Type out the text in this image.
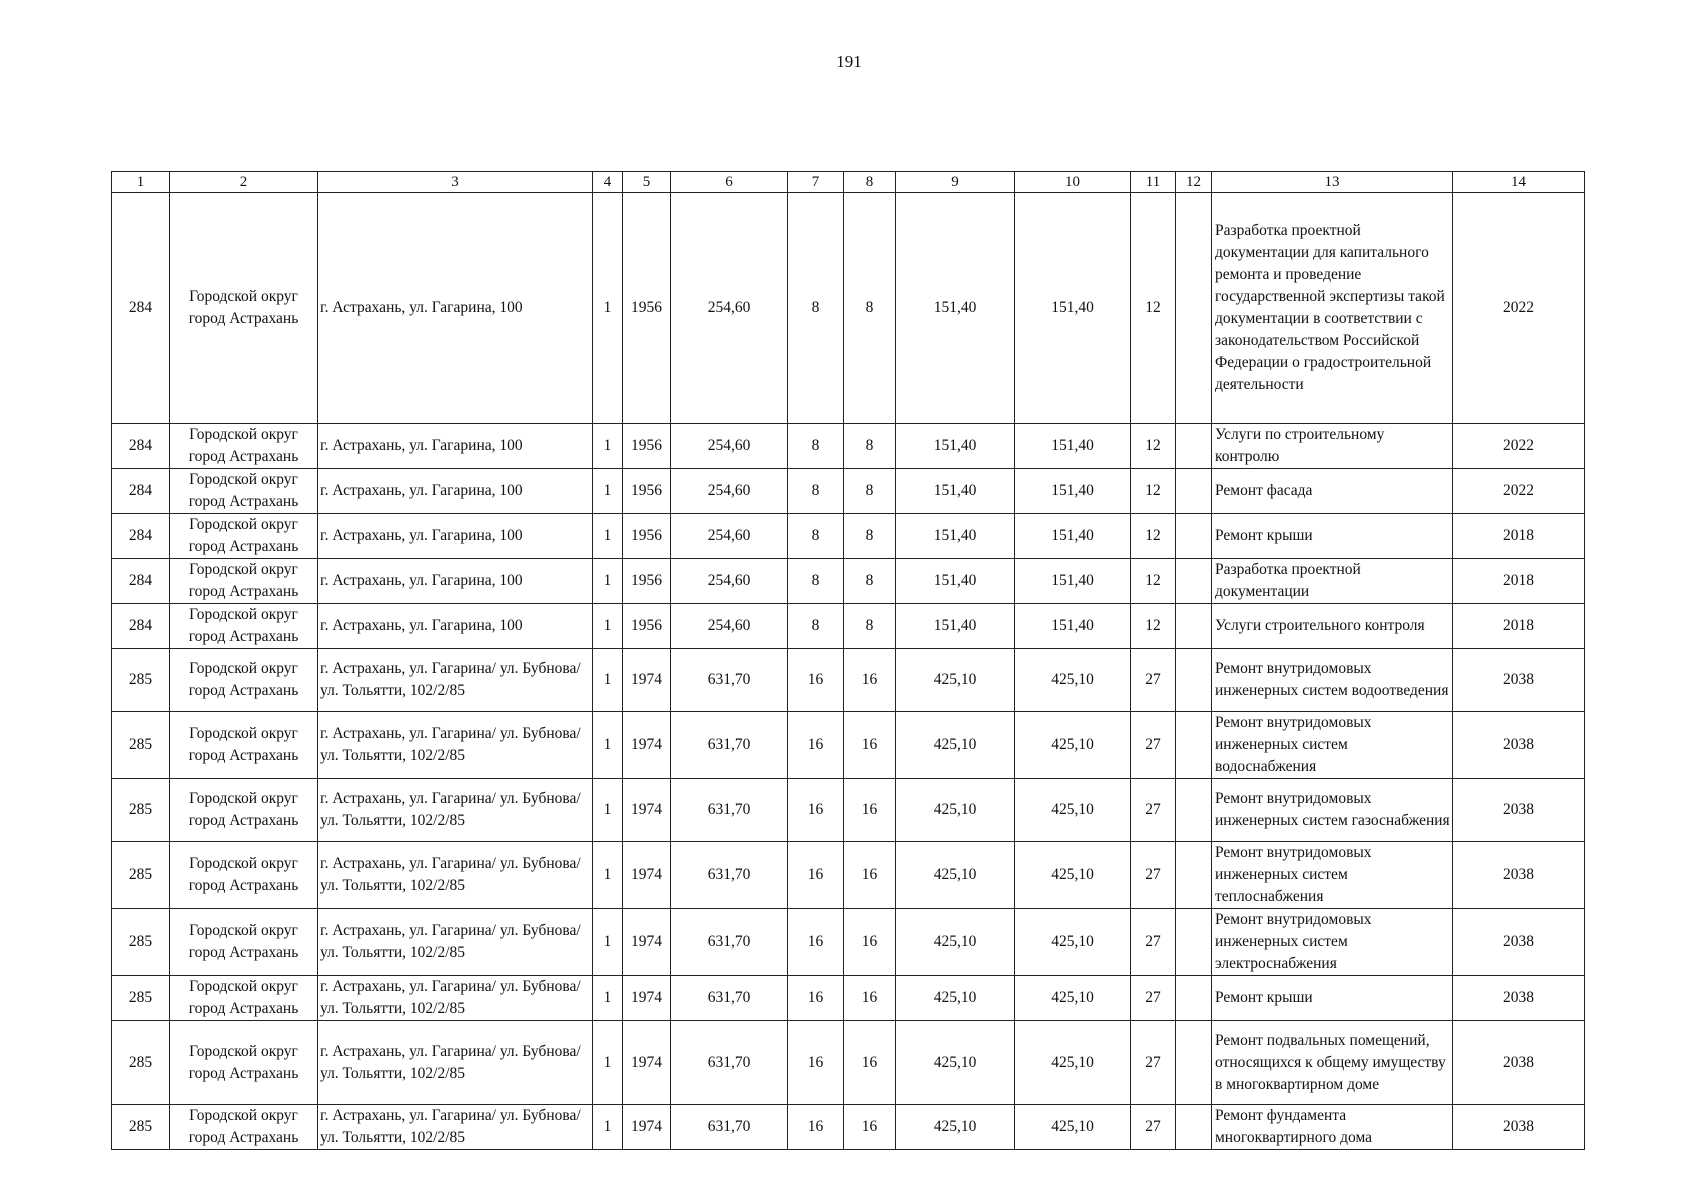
191
1	2	3	4	5	6	7	8	9	10	11	12	13	14
284	Городской округ город Астрахань	г. Астрахань, ул. Гагарина, 100	1	1956	254,60	8	8	151,40	151,40	12		Разработка проектной документации для капитального ремонта и проведение государственной экспертизы такой документации в соответствии с законодательством Российской Федерации о градостроительной деятельности	2022
284	Городской округ город Астрахань	г. Астрахань, ул. Гагарина, 100	1	1956	254,60	8	8	151,40	151,40	12		Услуги по строительному контролю	2022
284	Городской округ город Астрахань	г. Астрахань, ул. Гагарина, 100	1	1956	254,60	8	8	151,40	151,40	12		Ремонт фасада	2022
284	Городской округ город Астрахань	г. Астрахань, ул. Гагарина, 100	1	1956	254,60	8	8	151,40	151,40	12		Ремонт крыши	2018
284	Городской округ город Астрахань	г. Астрахань, ул. Гагарина, 100	1	1956	254,60	8	8	151,40	151,40	12		Разработка проектной документации	2018
284	Городской округ город Астрахань	г. Астрахань, ул. Гагарина, 100	1	1956	254,60	8	8	151,40	151,40	12		Услуги строительного контроля	2018
285	Городской округ город Астрахань	г. Астрахань, ул. Гагарина/ ул. Бубнова/ ул. Тольятти, 102/2/85	1	1974	631,70	16	16	425,10	425,10	27		Ремонт внутридомовых инженерных систем водоотведения	2038
285	Городской округ город Астрахань	г. Астрахань, ул. Гагарина/ ул. Бубнова/ ул. Тольятти, 102/2/85	1	1974	631,70	16	16	425,10	425,10	27		Ремонт внутридомовых инженерных систем водоснабжения	2038
285	Городской округ город Астрахань	г. Астрахань, ул. Гагарина/ ул. Бубнова/ ул. Тольятти, 102/2/85	1	1974	631,70	16	16	425,10	425,10	27		Ремонт внутридомовых инженерных систем газоснабжения	2038
285	Городской округ город Астрахань	г. Астрахань, ул. Гагарина/ ул. Бубнова/ ул. Тольятти, 102/2/85	1	1974	631,70	16	16	425,10	425,10	27		Ремонт внутридомовых инженерных систем теплоснабжения	2038
285	Городской округ город Астрахань	г. Астрахань, ул. Гагарина/ ул. Бубнова/ ул. Тольятти, 102/2/85	1	1974	631,70	16	16	425,10	425,10	27		Ремонт внутридомовых инженерных систем электроснабжения	2038
285	Городской округ город Астрахань	г. Астрахань, ул. Гагарина/ ул. Бубнова/ ул. Тольятти, 102/2/85	1	1974	631,70	16	16	425,10	425,10	27		Ремонт крыши	2038
285	Городской округ город Астрахань	г. Астрахань, ул. Гагарина/ ул. Бубнова/ ул. Тольятти, 102/2/85	1	1974	631,70	16	16	425,10	425,10	27		Ремонт подвальных помещений, относящихся к общему имуществу в многоквартирном доме	2038
285	Городской округ город Астрахань	г. Астрахань, ул. Гагарина/ ул. Бубнова/ ул. Тольятти, 102/2/85	1	1974	631,70	16	16	425,10	425,10	27		Ремонт фундамента многоквартирного дома	2038
